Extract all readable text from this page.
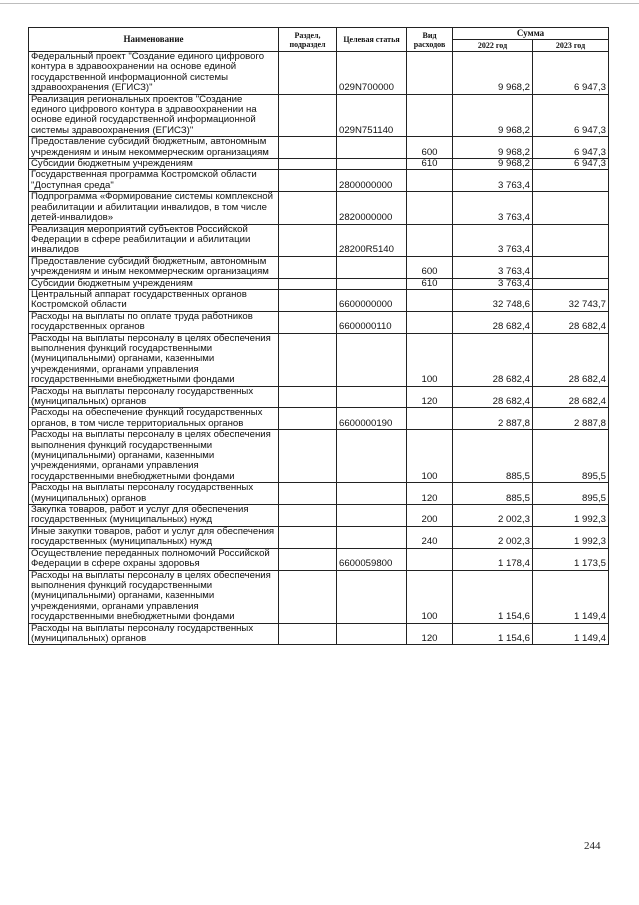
Наименование	Раздел, подраздел	Целевая статья	Вид расходов	Сумма	
				2022 год	2023 год
Федеральный проект "Создание единого цифрового контура в здравоохранении на основе единой государственной информационной системы здравоохранения (ЕГИСЗ)"		029N700000		9 968,2	6 947,3
Реализация региональных проектов "Создание единого цифрового контура в здравоохранении на основе единой государственной информационной системы здравоохранения (ЕГИСЗ)"		029N751140		9 968,2	6 947,3
Предоставление субсидий бюджетным, автономным учреждениям и иным некоммерческим организациям			600	9 968,2	6 947,3
Субсидии бюджетным учреждениям			610	9 968,2	6 947,3
Государственная программа Костромской области "Доступная среда"		2800000000		3 763,4	
Подпрограмма «Формирование системы комплексной реабилитации и абилитации инвалидов, в том числе детей-инвалидов»		2820000000		3 763,4	
Реализация мероприятий субъектов Российской Федерации в сфере реабилитации и абилитации инвалидов		28200R5140		3 763,4	
Предоставление субсидий бюджетным, автономным учреждениям и иным некоммерческим организациям			600	3 763,4	
Субсидии бюджетным учреждениям			610	3 763,4	
Центральный аппарат государственных органов Костромской области		6600000000		32 748,6	32 743,7
Расходы на выплаты по оплате труда работников государственных органов		6600000110		28 682,4	28 682,4
Расходы на выплаты персоналу в целях обеспечения выполнения функций государственными (муниципальными) органами, казенными учреждениями, органами управления государственными внебюджетными фондами			100	28 682,4	28 682,4
Расходы на выплаты персоналу государственных (муниципальных) органов			120	28 682,4	28 682,4
Расходы на обеспечение функций государственных органов, в том числе территориальных органов		6600000190		2 887,8	2 887,8
Расходы на выплаты персоналу в целях обеспечения выполнения функций государственными (муниципальными) органами, казенными учреждениями, органами управления государственными внебюджетными фондами			100	885,5	895,5
Расходы на выплаты персоналу государственных (муниципальных) органов			120	885,5	895,5
Закупка товаров, работ и услуг для обеспечения государственных (муниципальных) нужд			200	2 002,3	1 992,3
Иные закупки товаров, работ и услуг для обеспечения государственных (муниципальных) нужд			240	2 002,3	1 992,3
Осуществление переданных полномочий Российской Федерации в сфере охраны здоровья		6600059800		1 178,4	1 173,5
Расходы на выплаты персоналу в целях обеспечения выполнения функций государственными (муниципальными) органами, казенными учреждениями, органами управления государственными внебюджетными фондами			100	1 154,6	1 149,4
Расходы на выплаты персоналу государственных (муниципальных) органов			120	1 154,6	1 149,4
244
